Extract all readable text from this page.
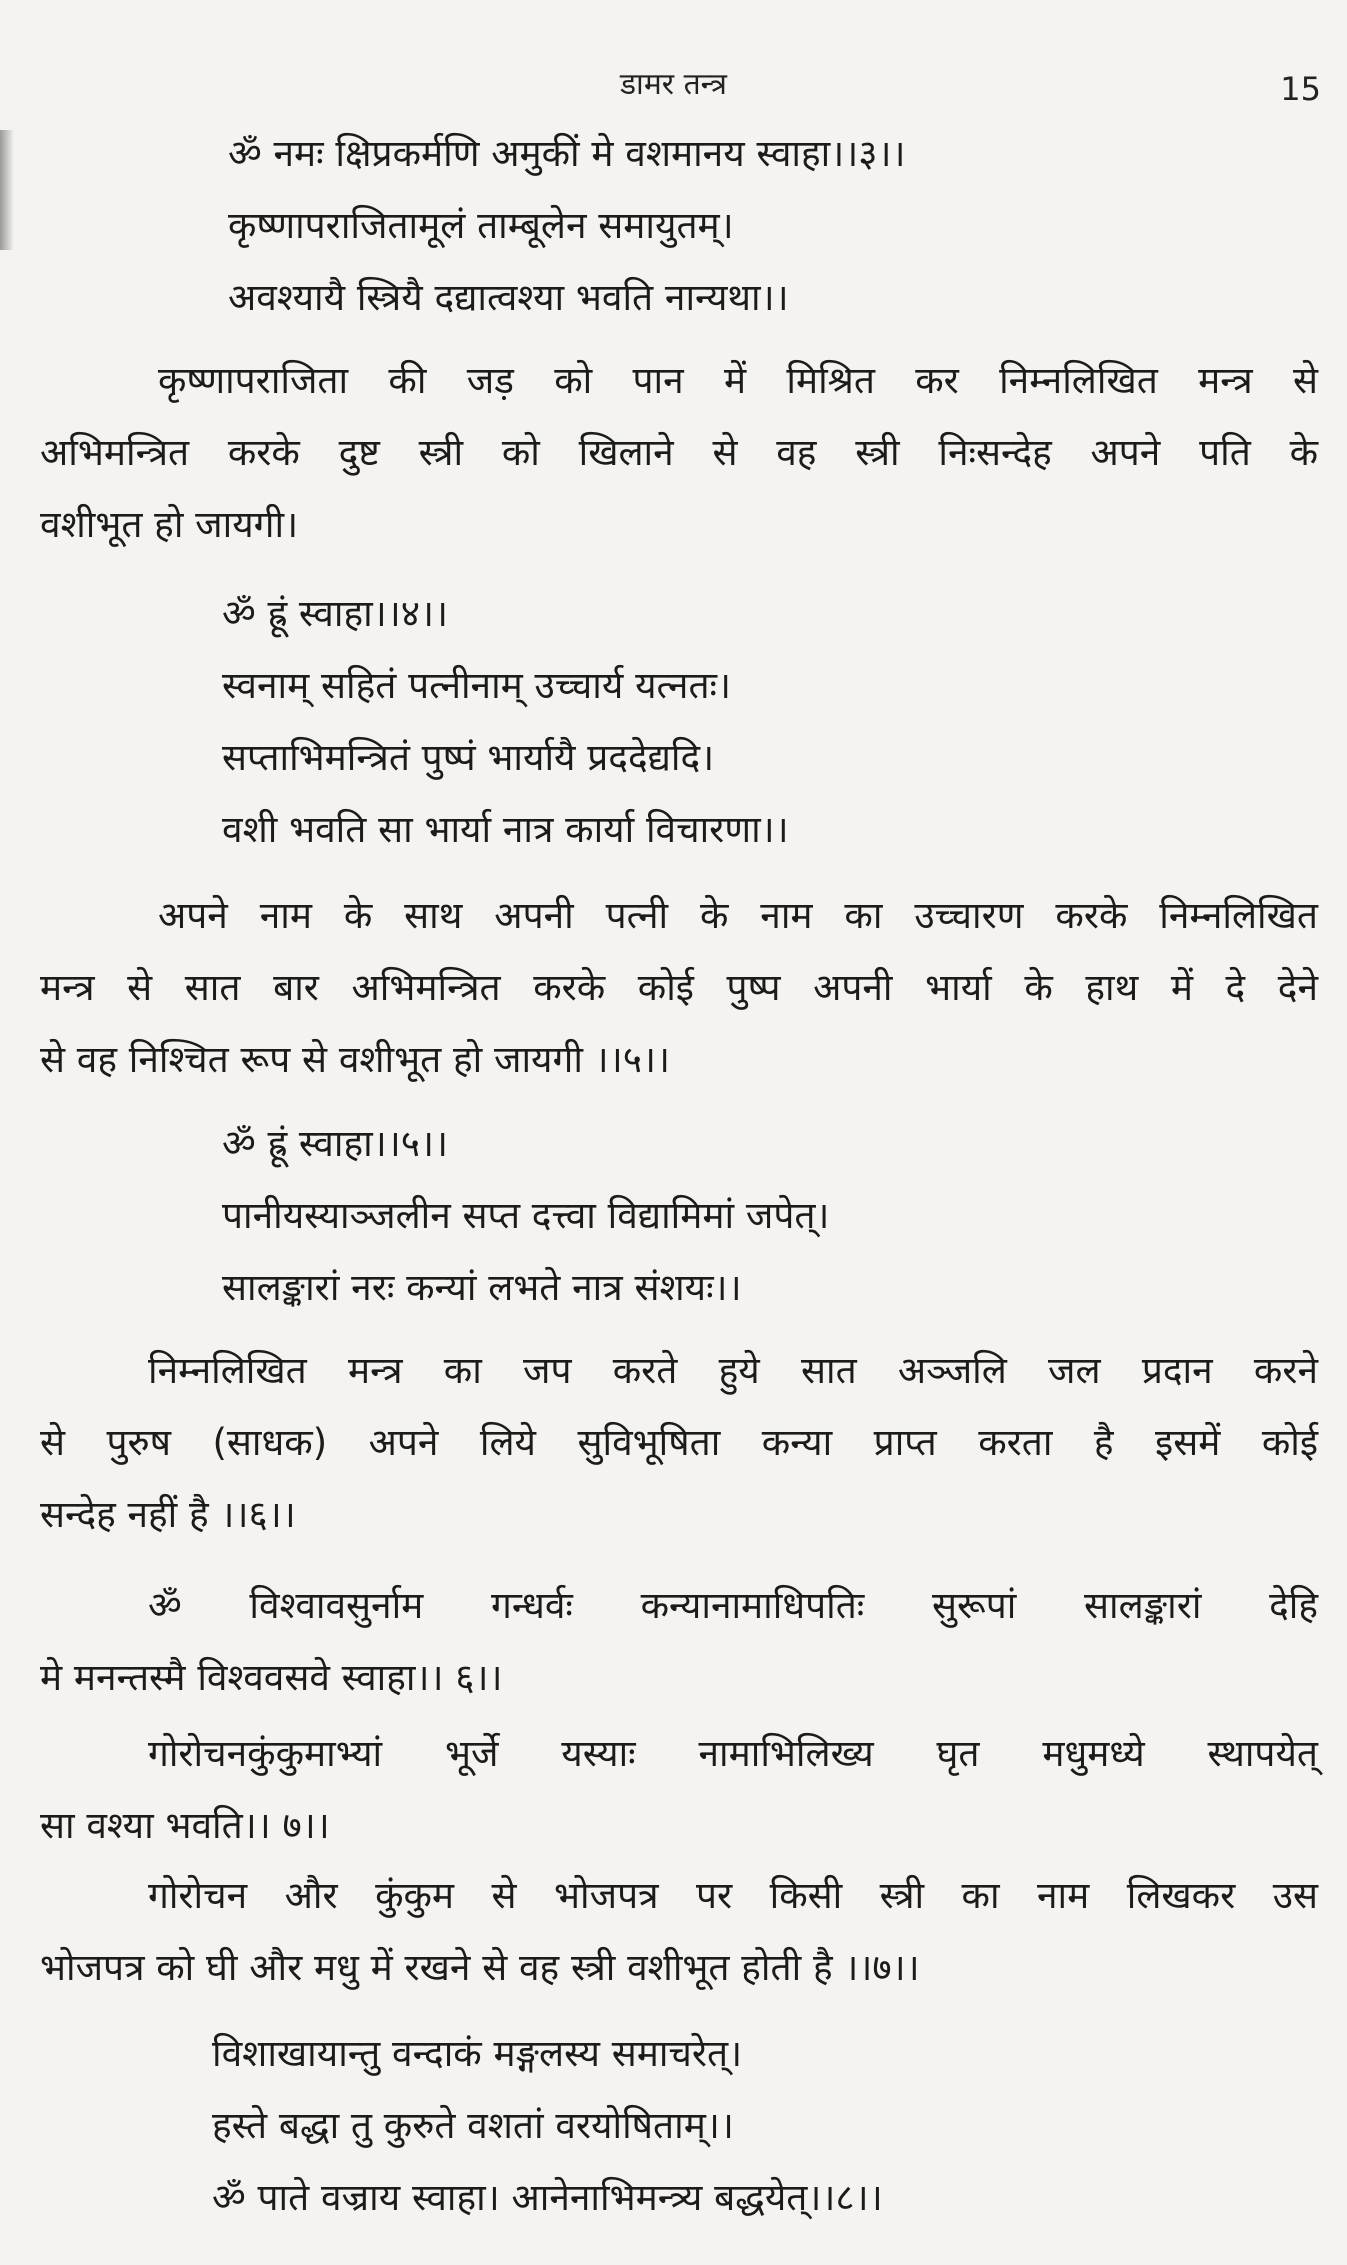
डामर तन्त्र	15

ॐ नमः क्षिप्रकर्मणि अमुकीं मे वशमानय स्वाहा।।३।।

कृष्णापराजितामूलं ताम्बूलेन समायुतम्।

अवश्यायै स्त्रियै दद्यात्वश्या भवति नान्यथा।।

कृष्णापराजिता की जड़ को पान में मिश्रित कर निम्नलिखित मन्त्र से

अभिमन्त्रित करके दुष्ट स्त्री को खिलाने से वह स्त्री निःसन्देह अपने पति के

वशीभूत हो जायगी।

ॐ ह्रूं स्वाहा।।४।।

स्वनाम् सहितं पत्नीनाम् उच्चार्य यत्नतः।

सप्ताभिमन्त्रितं पुष्पं भार्यायै प्रददेद्यदि।

वशी भवति सा भार्या नात्र कार्या विचारणा।।

अपने नाम के साथ अपनी पत्नी के नाम का उच्चारण करके निम्नलिखित

मन्त्र से सात बार अभिमन्त्रित करके कोई पुष्प अपनी भार्या के हाथ में दे देने

से वह निश्चित रूप से वशीभूत हो जायगी ।।५।।

ॐ ह्रूं स्वाहा।।५।।

पानीयस्याञ्जलीन सप्त दत्त्वा विद्यामिमां जपेत्।

सालङ्कारां नरः कन्यां लभते नात्र संशयः।।

निम्नलिखित मन्त्र का जप करते हुये सात अञ्जलि जल प्रदान करने

से पुरुष (साधक) अपने लिये सुविभूषिता कन्या प्राप्त करता है इसमें कोई

सन्देह नहीं है ।।६।।

ॐ विश्वावसुर्नाम गन्धर्वः कन्यानामाधिपतिः सुरूपां सालङ्कारां देहि

मे मनन्तस्मै विश्ववसवे स्वाहा।। ६।।

गोरोचनकुंकुमाभ्यां भूर्जे यस्याः नामाभिलिख्य घृत मधुमध्ये स्थापयेत्

सा वश्या भवति।। ७।।

गोरोचन और कुंकुम से भोजपत्र पर किसी स्त्री का नाम लिखकर उस

भोजपत्र को घी और मधु में रखने से वह स्त्री वशीभूत होती है ।।७।।

विशाखायान्तु वन्दाकं मङ्गलस्य समाचरेत्।

हस्ते बद्धा तु कुरुते वशतां वरयोषिताम्।।

ॐ पाते वज्राय स्वाहा। आनेनाभिमन्त्र्य बद्धयेत्।।८।।
